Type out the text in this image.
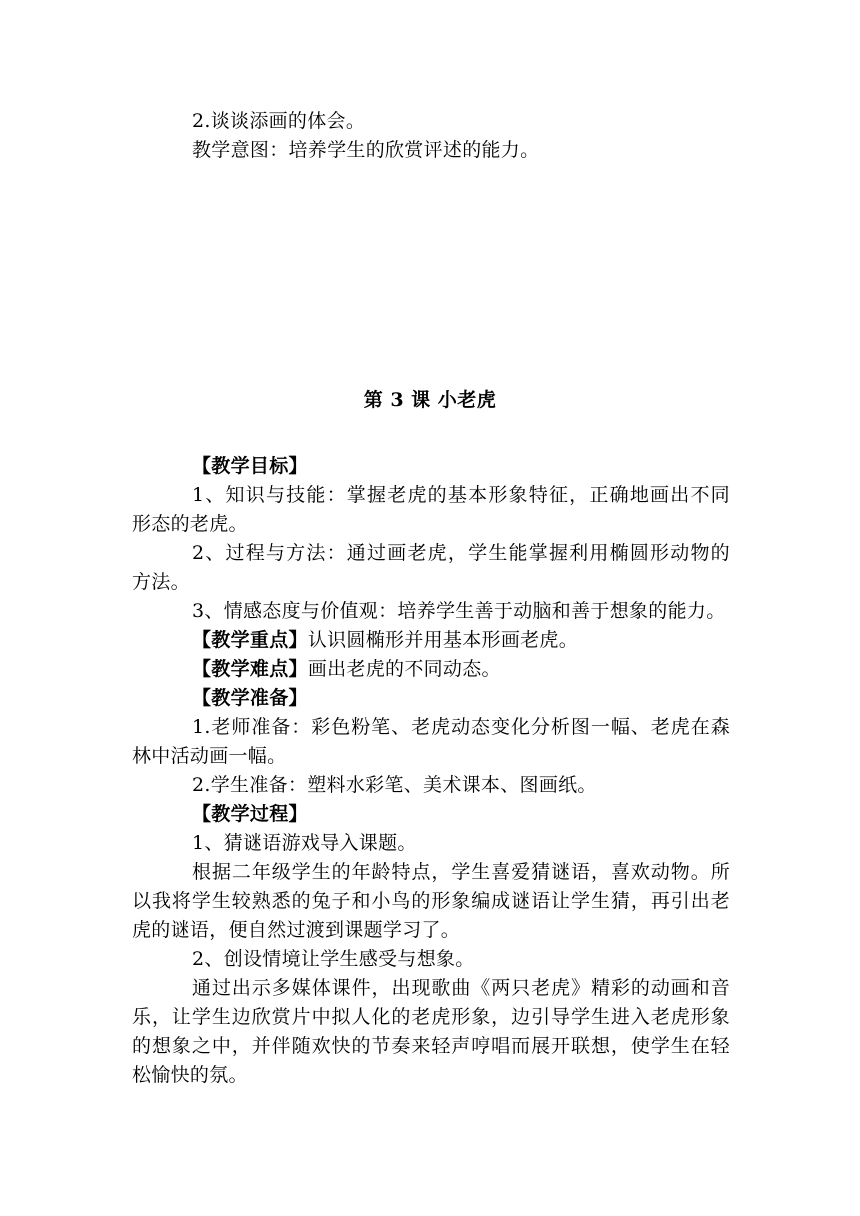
2.谈谈添画的体会。
教学意图：培养学生的欣赏评述的能力。
第 3 课 小老虎
【教学目标】
1、知识与技能：掌握老虎的基本形象特征，正确地画出不同
形态的老虎。
2、过程与方法：通过画老虎，学生能掌握利用椭圆形动物的
方法。
3、情感态度与价值观：培养学生善于动脑和善于想象的能力。
【教学重点】认识圆椭形并用基本形画老虎。
【教学难点】画出老虎的不同动态。
【教学准备】
1.老师准备：彩色粉笔、老虎动态变化分析图一幅、老虎在森
林中活动画一幅。
2.学生准备：塑料水彩笔、美术课本、图画纸。
【教学过程】
1、猜谜语游戏导入课题。
根据二年级学生的年龄特点，学生喜爱猜谜语，喜欢动物。所
以我将学生较熟悉的兔子和小鸟的形象编成谜语让学生猜，再引出老
虎的谜语，便自然过渡到课题学习了。
2、创设情境让学生感受与想象。
通过出示多媒体课件，出现歌曲《两只老虎》精彩的动画和音
乐，让学生边欣赏片中拟人化的老虎形象，边引导学生进入老虎形象
的想象之中，并伴随欢快的节奏来轻声哼唱而展开联想，使学生在轻
松愉快的氛。
